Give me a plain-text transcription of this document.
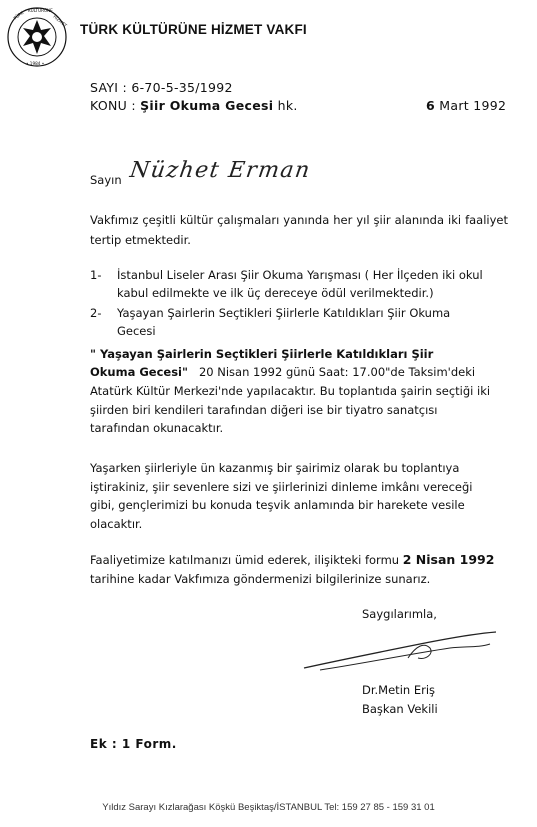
TÜRK KÜLTÜRÜNE
HİZMET
• 1984 •
TÜRK KÜLTÜRÜNE HİZMET VAKFI
SAYI : 6-70-5-35/1992
KONU : Şiir Okuma Gecesi hk.	6 Mart 1992
Sayın Nüzhet Erman
Vakfımız çeşitli kültür çalışmaları yanında her yıl şiir alanında iki faaliyet tertip etmektedir.
1- İstanbul Liseler Arası Şiir Okuma Yarışması ( Her İlçeden iki okul
kabul edilmekte ve ilk üç dereceye ödül verilmektedir.)
2- Yaşayan Şairlerin Seçtikleri Şiirlerle Katıldıkları Şiir Okuma
Gecesi
" Yaşayan Şairlerin Seçtikleri Şiirlerle Katıldıkları Şiir
Okuma Gecesi" 20 Nisan 1992 günü Saat: 17.00"de Taksim'deki
Atatürk Kültür Merkezi'nde yapılacaktır. Bu toplantıda şairin seçtiği iki
şiirden biri kendileri tarafından diğeri ise bir tiyatro sanatçısı
tarafından okunacaktır.
Yaşarken şiirleriyle ün kazanmış bir şairimiz olarak bu toplantıya
iştirakiniz, şiir sevenlere sizi ve şiirlerinizi dinleme imkânı vereceği
gibi, gençlerimizi bu konuda teşvik anlamında bir harekete vesile
olacaktır.
Faaliyetimize katılmanızı ümid ederek, ilişikteki formu 2 Nisan 1992
tarihine kadar Vakfımıza göndermenizi bilgilerinize sunarız.
Saygılarımla,
Dr.Metin Eriş
Başkan Vekili
Ek : 1 Form.
Yıldız Sarayı Kızlarağası Köşkü Beşiktaş/İSTANBUL Tel: 159 27 85 - 159 31 01
